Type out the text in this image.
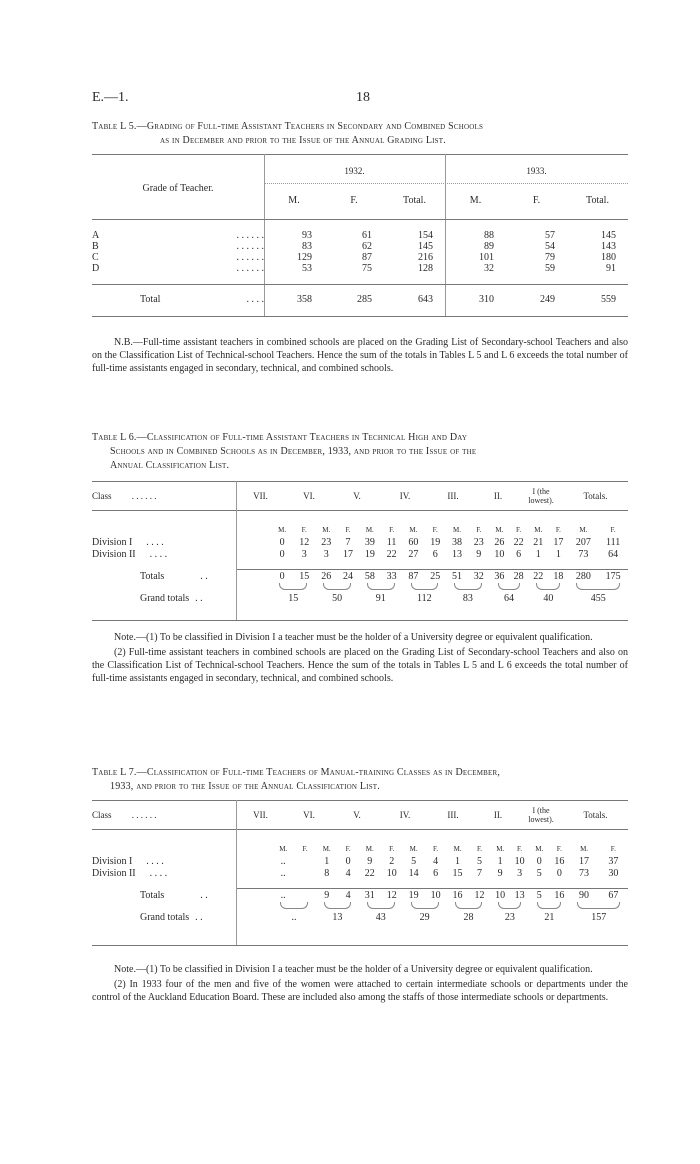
E.—1.	18
Table L 5.—Grading of Full-time Assistant Teachers in Secondary and Combined Schools
as in December and prior to the Issue of the Annual Grading List.
Grade of Teacher.
1932.	1933.
M.	F.	Total.	M.	F.	Total.
A	. . . . . .	93	61	154	88	57	145
B	. . . . . .	83	62	145	89	54	143
C	. . . . . .	129	87	216	101	79	180
D	. . . . . .	53	75	128	32	59	91
Total	. . . .	358	285	643	310	249	559

N.B.—Full-time assistant teachers in combined schools are placed on the Grading List of Secondary-school Teachers and also on the Classification List of Technical-school Teachers. Hence the sum of the totals in Tables L 5 and L 6 exceeds the total number of full-time assistants engaged in secondary, technical, and combined schools.

Table L 6.—Classification of Full-time Assistant Teachers in Technical High and Day
Schools and in Combined Schools as in December, 1933, and prior to the Issue of the
Annual Classification List.
Class . . . . . .	VII.	VI.	V.	IV.	III.	II.	I (the lowest).	Totals.
	M.	F.	M.	F.	M.	F.	M.	F.	M.	F.	M.	F.	M.	F.	M.	F.
Division I . . . .	0	12	23	7	39	11	60	19	38	23	26	22	21	17	207	111
Division II . . . .	0	3	3	17	19	22	27	6	13	9	10	6	1	1	73	64

Totals . .	0	15	26	24	58	33	87	25	51	32	36	28	22	18	280	175

Grand totals . .	15		50		91		112		83		64		40		455	

Note.—(1) To be classified in Division I a teacher must be the holder of a University degree or equivalent qualification.

(2) Full-time assistant teachers in combined schools are placed on the Grading List of Secondary-school Teachers and also on the Classification List of Technical-school Teachers. Hence the sum of the totals in Tables L 5 and L 6 exceeds the total number of full-time assistants engaged in secondary, technical, and combined schools.

Table L 7.—Classification of Full-time Teachers of Manual-training Classes as in December,
1933, and prior to the Issue of the Annual Classification List.
Class . . . . . .	VII.	VI.	V.	IV.	III.	II.	I (the lowest).	Totals.
	M.	F.	M.	F.	M.	F.	M.	F.	M.	F.	M.	F.	M.	F.	M.	F.
Division I . . . .	..		1	0	9	2	5	4	1	5	1	10	0	16	17	37
Division II . . . .	..		8	4	22	10	14	6	15	7	9	3	5	0	73	30

Totals . .	..		9	4	31	12	19	10	16	12	10	13	5	16	90	67

Grand totals . .	..		13		43		29		28		23		21		157	

Note.—(1) To be classified in Division I a teacher must be the holder of a University degree or equivalent qualification.

(2) In 1933 four of the men and five of the women were attached to certain intermediate schools or departments under the control of the Auckland Education Board. These are included also among the staffs of those intermediate schools or departments.
